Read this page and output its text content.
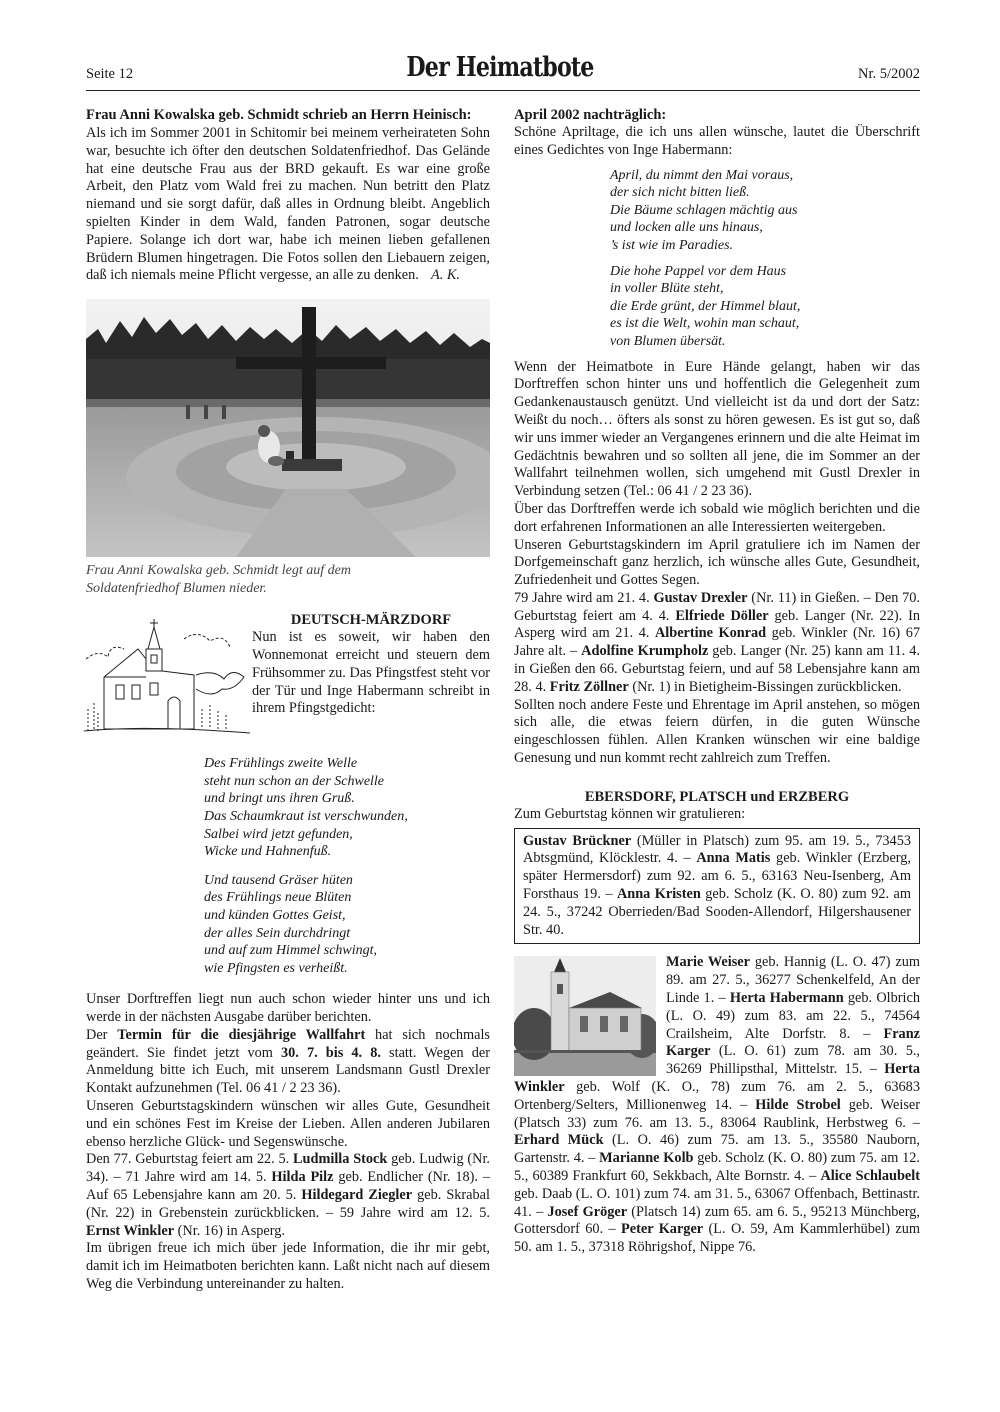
Seite 12	Der Heimatbote	Nr. 5/2002
Frau Anni Kowalska geb. Schmidt schrieb an Herrn Heinisch:

Als ich im Sommer 2001 in Schitomir bei meinem verheirateten Sohn war, besuchte ich öfter den deutschen Soldatenfriedhof. Das Gelände hat eine deutsche Frau aus der BRD gekauft. Es war eine große Arbeit, den Platz vom Wald frei zu machen. Nun betritt den Platz niemand und sie sorgt dafür, daß alles in Ordnung bleibt. Angeblich spielten Kinder in dem Wald, fanden Patronen, sogar deutsche Papiere. Solange ich dort war, habe ich meinen lieben gefallenen Brüdern Blumen hingetragen. Die Fotos sollen den Liebauern zeigen, daß ich niemals meine Pflicht vergesse, an alle zu denken. A. K.

Frau Anni Kowalska geb. Schmidt legt auf dem Soldatenfriedhof Blumen nieder.

DEUTSCH-MÄRZDORF

Nun ist es soweit, wir haben den Wonnemonat erreicht und steuern dem Frühsommer zu. Das Pfingstfest steht vor der Tür und Inge Habermann schreibt in ihrem Pfingstgedicht:

Des Frühlings zweite Welle
steht nun schon an der Schwelle
und bringt uns ihren Gruß.
Das Schaumkraut ist verschwunden,
Salbei wird jetzt gefunden,
Wicke und Hahnenfuß.
Und tausend Gräser hüten
des Frühlings neue Blüten
und künden Gottes Geist,
der alles Sein durchdringt
und auf zum Himmel schwingt,
wie Pfingsten es verheißt.

Unser Dorftreffen liegt nun auch schon wieder hinter uns und ich werde in der nächsten Ausgabe darüber berichten.

Der Termin für die diesjährige Wallfahrt hat sich nochmals geändert. Sie findet jetzt vom 30. 7. bis 4. 8. statt. Wegen der Anmeldung bitte ich Euch, mit unserem Landsmann Gustl Drexler Kontakt aufzunehmen (Tel. 06 41 / 2 23 36).

Unseren Geburtstagskindern wünschen wir alles Gute, Gesundheit und ein schönes Fest im Kreise der Lieben. Allen anderen Jubilaren ebenso herzliche Glück- und Segenswünsche.

Den 77. Geburtstag feiert am 22. 5. Ludmilla Stock geb. Ludwig (Nr. 34). – 71 Jahre wird am 14. 5. Hilda Pilz geb. Endlicher (Nr. 18). – Auf 65 Lebensjahre kann am 20. 5. Hildegard Ziegler geb. Skrabal (Nr. 22) in Grebenstein zurückblicken. – 59 Jahre wird am 12. 5. Ernst Winkler (Nr. 16) in Asperg.

Im übrigen freue ich mich über jede Information, die ihr mir gebt, damit ich im Heimatboten berichten kann. Laßt nicht nach auf diesem Weg die Verbindung untereinander zu halten.

April 2002 nachträglich:

Schöne Apriltage, die ich uns allen wünsche, lautet die Überschrift eines Gedichtes von Inge Habermann:

April, du nimmt den Mai voraus,
der sich nicht bitten ließ.
Die Bäume schlagen mächtig aus
und locken alle uns hinaus,
’s ist wie im Paradies.
Die hohe Pappel vor dem Haus
in voller Blüte steht,
die Erde grünt, der Himmel blaut,
es ist die Welt, wohin man schaut,
von Blumen übersät.

Wenn der Heimatbote in Eure Hände gelangt, haben wir das Dorftreffen schon hinter uns und hoffentlich die Gelegenheit zum Gedankenaustausch genützt. Und vielleicht ist da und dort der Satz: Weißt du noch… öfters als sonst zu hören gewesen. Es ist gut so, daß wir uns immer wieder an Vergangenes erinnern und die alte Heimat im Gedächtnis bewahren und so sollten all jene, die im Sommer an der Wallfahrt teilnehmen wollen, sich umgehend mit Gustl Drexler in Verbindung setzen (Tel.: 06 41 / 2 23 36).

Über das Dorftreffen werde ich sobald wie möglich berichten und die dort erfahrenen Informationen an alle Interessierten weitergeben.

Unseren Geburtstagskindern im April gratuliere ich im Namen der Dorfgemeinschaft ganz herzlich, ich wünsche alles Gute, Gesundheit, Zufriedenheit und Gottes Segen.

79 Jahre wird am 21. 4. Gustav Drexler (Nr. 11) in Gießen. – Den 70. Geburtstag feiert am 4. 4. Elfriede Döller geb. Langer (Nr. 22). In Asperg wird am 21. 4. Albertine Konrad geb. Winkler (Nr. 16) 67 Jahre alt. – Adolfine Krumpholz geb. Langer (Nr. 25) kann am 11. 4. in Gießen den 66. Geburtstag feiern, und auf 58 Lebensjahre kann am 28. 4. Fritz Zöllner (Nr. 1) in Bietigheim-Bissingen zurückblicken.

Sollten noch andere Feste und Ehrentage im April anstehen, so mögen sich alle, die etwas feiern dürfen, in die guten Wünsche eingeschlossen fühlen. Allen Kranken wünschen wir eine baldige Genesung und nun kommt recht zahlreich zum Treffen.

EBERSDORF, PLATSCH und ERZBERG

Zum Geburtstag können wir gratulieren:

Gustav Brückner (Müller in Platsch) zum 95. am 19. 5., 73453 Abtsgmünd, Klöcklestr. 4. – Anna Matis geb. Winkler (Erzberg, später Hermersdorf) zum 92. am 6. 5., 63163 Neu-Isenberg, Am Forsthaus 19. – Anna Kristen geb. Scholz (K. O. 80) zum 92. am 24. 5., 37242 Oberrieden/Bad Sooden-Allendorf, Hilgershausener Str. 40.

Marie Weiser geb. Hannig (L. O. 47) zum 89. am 27. 5., 36277 Schenkelfeld, An der Linde 1. – Herta Habermann geb. Olbrich (L. O. 49) zum 83. am 22. 5., 74564 Crailsheim, Alte Dorfstr. 8. – Franz Karger (L. O. 61) zum 78. am 30. 5., 36269 Phillipsthal, Mittelstr. 15. – Herta Winkler geb. Wolf (K. O., 78) zum 76. am 2. 5., 63683 Ortenberg/Selters, Millionenweg 14. – Hilde Strobel geb. Weiser (Platsch 33) zum 76. am 13. 5., 83064 Raublink, Herbstweg 6. – Erhard Mück (L. O. 46) zum 75. am 13. 5., 35580 Nauborn, Gartenstr. 4. – Marianne Kolb geb. Scholz (K. O. 80) zum 75. am 12. 5., 60389 Frankfurt 60, Sekkbach, Alte Bornstr. 4. – Alice Schlaubelt geb. Daab (L. O. 101) zum 74. am 31. 5., 63067 Offenbach, Bettinastr. 41. – Josef Gröger (Platsch 14) zum 65. am 6. 5., 95213 Münchberg, Gottersdorf 60. – Peter Karger (L. O. 59, Am Kammlerhübel) zum 50. am 1. 5., 37318 Röhrigshof, Nippe 76.
